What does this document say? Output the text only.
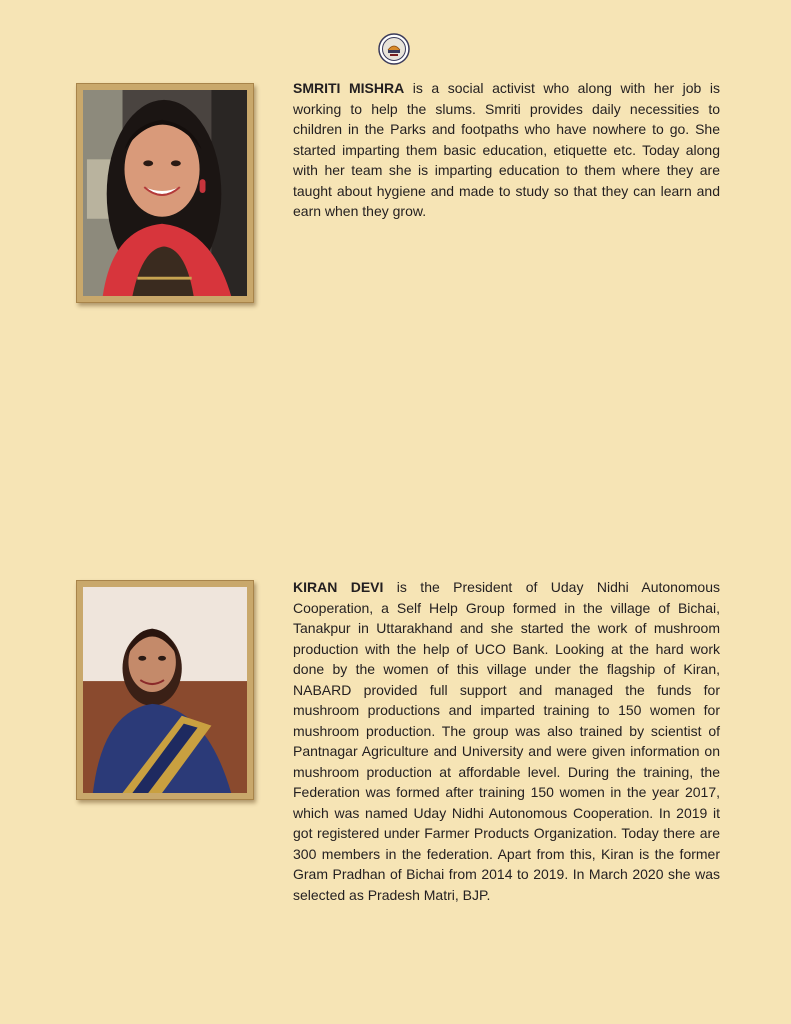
SMRITI MISHRA is a social activist who along with her job is working to help the slums. Smriti provides daily necessities to children in the Parks and footpaths who have nowhere to go. She started imparting them basic education, etiquette etc. Today along with her team she is imparting education to them where they are taught about hygiene and made to study so that they can learn and earn when they grow.

KIRAN DEVI is the President of Uday Nidhi Autonomous Cooperation, a Self Help Group formed in the village of Bichai, Tanakpur in Uttarakhand and she started the work of mushroom production with the help of UCO Bank. Looking at the hard work done by the women of this village under the flagship of Kiran, NABARD provided full support and managed the funds for mushroom productions and imparted training to 150 women for mushroom production. The group was also trained by scientist of Pantnagar Agriculture and University and were given information on mushroom production at affordable level. During the training, the Federation was formed after training 150 women in the year 2017, which was named Uday Nidhi Autonomous Cooperation. In 2019 it got registered under Farmer Products Organization. Today there are 300 members in the federation. Apart from this, Kiran is the former Gram Pradhan of Bichai from 2014 to 2019. In March 2020 she was selected as Pradesh Matri, BJP.
